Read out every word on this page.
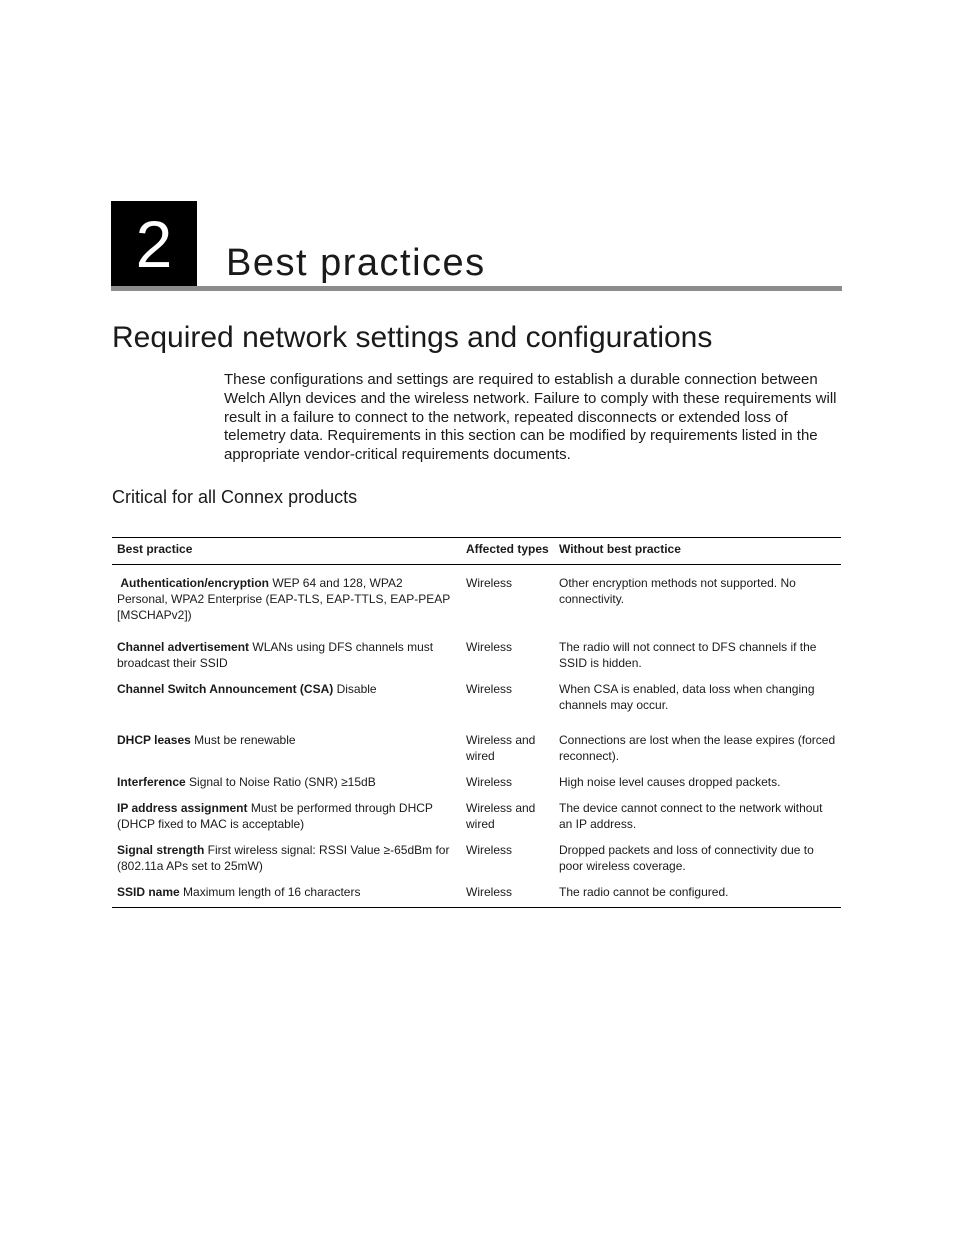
2	Best practices
Required network settings and configurations

These configurations and settings are required to establish a durable connection between Welch Allyn devices and the wireless network. Failure to comply with these requirements will result in a failure to connect to the network, repeated disconnects or extended loss of telemetry data. Requirements in this section can be modified by requirements listed in the appropriate vendor-critical requirements documents.

Critical for all Connex products
Best practice	Affected types	Without best practice
Authentication/encryption WEP 64 and 128, WPA2 Personal, WPA2 Enterprise (EAP-TLS, EAP-TTLS, EAP-PEAP [MSCHAPv2])	Wireless	Other encryption methods not supported. No connectivity.
Channel advertisement WLANs using DFS channels must broadcast their SSID	Wireless	The radio will not connect to DFS channels if the SSID is hidden.
Channel Switch Announcement (CSA) Disable	Wireless	When CSA is enabled, data loss when changing channels may occur.
DHCP leases Must be renewable	Wireless and wired	Connections are lost when the lease expires (forced reconnect).
Interference Signal to Noise Ratio (SNR) ≥15dB	Wireless	High noise level causes dropped packets.
IP address assignment Must be performed through DHCP (DHCP fixed to MAC is acceptable)	Wireless and wired	The device cannot connect to the network without an IP address.
Signal strength First wireless signal: RSSI Value ≥-65dBm for (802.11a APs set to 25mW)	Wireless	Dropped packets and loss of connectivity due to poor wireless coverage.
SSID name Maximum length of 16 characters	Wireless	The radio cannot be configured.
